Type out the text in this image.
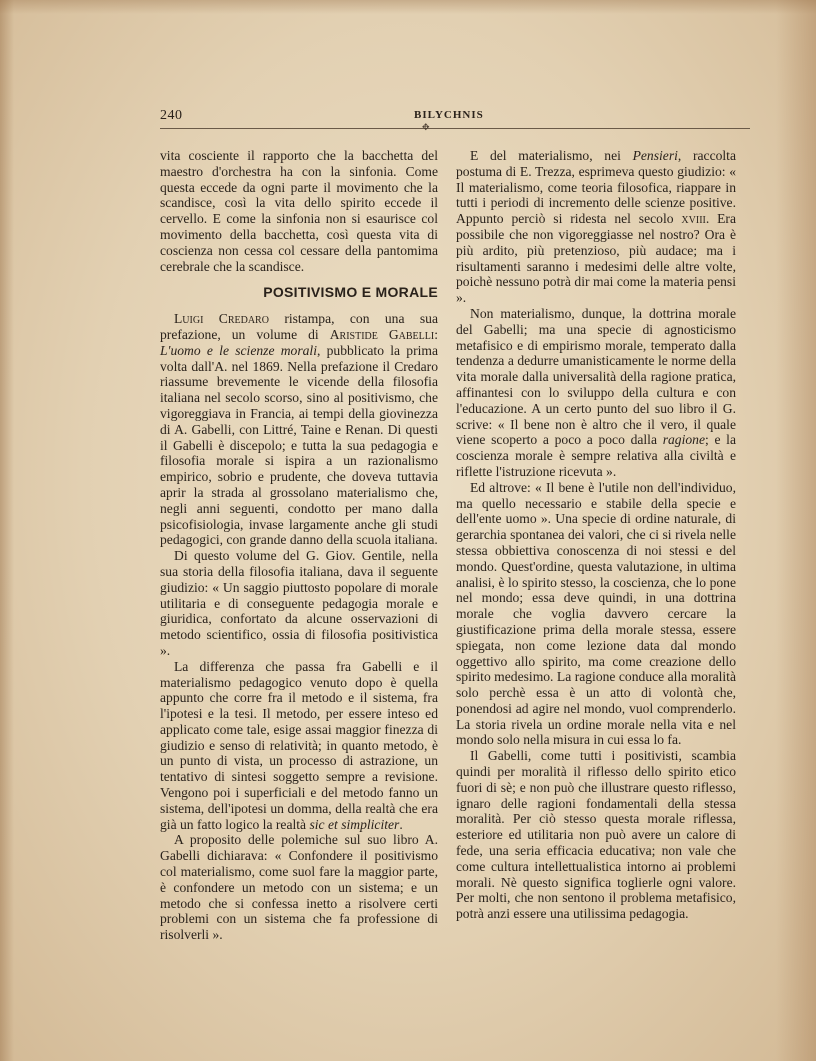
240	BILYCHNIS
✥

vita cosciente il rapporto che la bacchetta del maestro d'orchestra ha con la sinfonia. Come questa eccede da ogni parte il movimento che la scandisce, così la vita dello spirito eccede il cervello. E come la sinfonia non si esaurisce col movimento della bacchetta, così questa vita di coscienza non cessa col cessare della pantomima cerebrale che la scandisce.

POSITIVISMO E MORALE

Luigi Credaro ristampa, con una sua prefazione, un volume di Aristide Gabelli: L'uomo e le scienze morali, pubblicato la prima volta dall'A. nel 1869. Nella prefazione il Credaro riassume brevemente le vicende della filosofia italiana nel secolo scorso, sino al positivismo, che vigoreggiava in Francia, ai tempi della giovinezza di A. Gabelli, con Littré, Taine e Renan. Di questi il Gabelli è discepolo; e tutta la sua pedagogia e filosofia morale si ispira a un razionalismo empirico, sobrio e prudente, che doveva tuttavia aprir la strada al grossolano materialismo che, negli anni seguenti, condotto per mano dalla psicofisiologia, invase largamente anche gli studi pedagogici, con grande danno della scuola italiana.

Di questo volume del G. Giov. Gentile, nella sua storia della filosofia italiana, dava il seguente giudizio: « Un saggio piuttosto popolare di morale utilitaria e di conseguente pedagogia morale e giuridica, confortato da alcune osservazioni di metodo scientifico, ossia di filosofia positivistica ».

La differenza che passa fra Gabelli e il materialismo pedagogico venuto dopo è quella appunto che corre fra il metodo e il sistema, fra l'ipotesi e la tesi. Il metodo, per essere inteso ed applicato come tale, esige assai maggior finezza di giudizio e senso di relatività; in quanto metodo, è un punto di vista, un processo di astrazione, un tentativo di sintesi soggetto sempre a revisione. Vengono poi i superficiali e del metodo fanno un sistema, dell'ipotesi un domma, della realtà che era già un fatto logico la realtà sic et simpliciter.

A proposito delle polemiche sul suo libro A. Gabelli dichiarava: « Confondere il positivismo col materialismo, come suol fare la maggior parte, è confondere un metodo con un sistema; e un metodo che si confessa inetto a risolvere certi problemi con un sistema che fa professione di risolverli ».

E del materialismo, nei Pensieri, raccolta postuma di E. Trezza, esprimeva questo giudizio: « Il materialismo, come teoria filosofica, riappare in tutti i periodi di incremento delle scienze positive. Appunto perciò si ridesta nel secolo xviii. Era possibile che non vigoreggiasse nel nostro? Ora è più ardito, più pretenzioso, più audace; ma i risultamenti saranno i medesimi delle altre volte, poichè nessuno potrà dir mai come la materia pensi ».

Non materialismo, dunque, la dottrina morale del Gabelli; ma una specie di agnosticismo metafisico e di empirismo morale, temperato dalla tendenza a dedurre umanisticamente le norme della vita morale dalla universalità della ragione pratica, affinantesi con lo sviluppo della cultura e con l'educazione. A un certo punto del suo libro il G. scrive: « Il bene non è altro che il vero, il quale viene scoperto a poco a poco dalla ragione; e la coscienza morale è sempre relativa alla civiltà e riflette l'istruzione ricevuta ».

Ed altrove: « Il bene è l'utile non dell'individuo, ma quello necessario e stabile della specie e dell'ente uomo ». Una specie di ordine naturale, di gerarchia spontanea dei valori, che ci si rivela nelle stessa obbiettiva conoscenza di noi stessi e del mondo. Quest'ordine, questa valutazione, in ultima analisi, è lo spirito stesso, la coscienza, che lo pone nel mondo; essa deve quindi, in una dottrina morale che voglia davvero cercare la giustificazione prima della morale stessa, essere spiegata, non come lezione data dal mondo oggettivo allo spirito, ma come creazione dello spirito medesimo. La ragione conduce alla moralità solo perchè essa è un atto di volontà che, ponendosi ad agire nel mondo, vuol comprenderlo. La storia rivela un ordine morale nella vita e nel mondo solo nella misura in cui essa lo fa.

Il Gabelli, come tutti i positivisti, scambia quindi per moralità il riflesso dello spirito etico fuori di sè; e non può che illustrare questo riflesso, ignaro delle ragioni fondamentali della stessa moralità. Per ciò stesso questa morale riflessa, esteriore ed utilitaria non può avere un calore di fede, una seria efficacia educativa; non vale che come cultura intellettualistica intorno ai problemi morali. Nè questo significa toglierle ogni valore. Per molti, che non sentono il problema metafisico, potrà anzi essere una utilissima pedagogia.
